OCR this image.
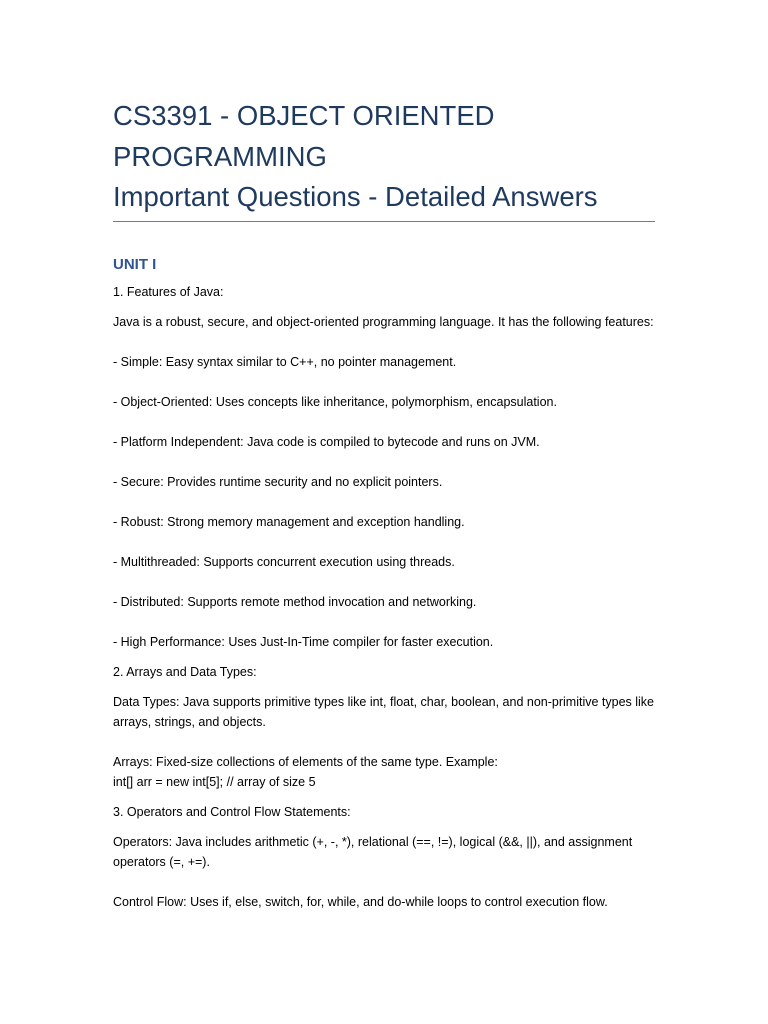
CS3391 - OBJECT ORIENTED
PROGRAMMING
Important Questions - Detailed Answers
UNIT I
1. Features of Java:
Java is a robust, secure, and object-oriented programming language. It has the following features:
- Simple: Easy syntax similar to C++, no pointer management.
- Object-Oriented: Uses concepts like inheritance, polymorphism, encapsulation.
- Platform Independent: Java code is compiled to bytecode and runs on JVM.
- Secure: Provides runtime security and no explicit pointers.
- Robust: Strong memory management and exception handling.
- Multithreaded: Supports concurrent execution using threads.
- Distributed: Supports remote method invocation and networking.
- High Performance: Uses Just-In-Time compiler for faster execution.
2. Arrays and Data Types:
Data Types: Java supports primitive types like int, float, char, boolean, and non-primitive types like arrays, strings, and objects.
Arrays: Fixed-size collections of elements of the same type. Example:
int[] arr = new int[5]; // array of size 5
3. Operators and Control Flow Statements:
Operators: Java includes arithmetic (+, -, *), relational (==, !=), logical (&&, ||), and assignment operators (=, +=).
Control Flow: Uses if, else, switch, for, while, and do-while loops to control execution flow.
